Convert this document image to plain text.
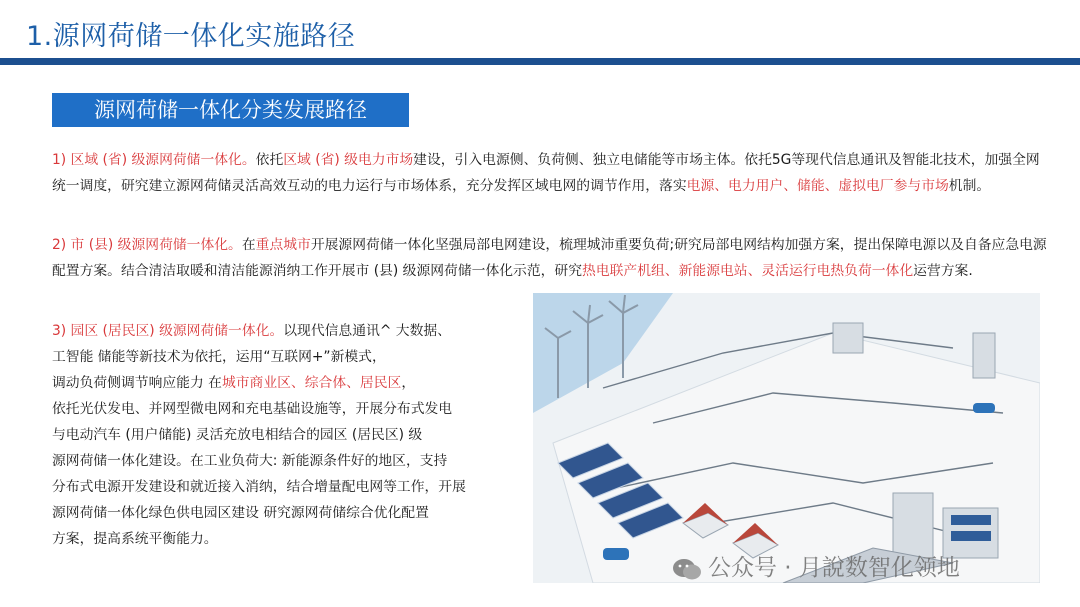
1.源网荷储一体化实施路径
源网荷储一体化分类发展路径
1) 区域 (省) 级源网荷储一体化。依托区域 (省) 级电力市场建设，引入电源侧、负荷侧、独立电储能等市场主体。依托5G等现代信息通讯及智能北技术，加强全网统一调度，研究建立源网荷储灵活高效互动的电力运行与市场体系，充分发挥区域电网的调节作用，落实电源、电力用户、储能、虚拟电厂参与市场机制。
2) 市 (县) 级源网荷储一体化。在重点城市开展源网荷储一体化坚强局部电网建设，梳理城沛重要负荷;研究局部电网结构加强方案，提出保障电源以及自备应急电源配置方案。结合清洁取暖和清洁能源消纳工作开展市 (县) 级源网荷储一体化示范，研究热电联产机组、新能源电站、灵活运行电热负荷一体化运营方案.
3) 园区 (居民区) 级源网荷储一体化。以现代信息通讯^ 大数据、
工智能 储能等新技术为依托，运用“互联网+”新模式，
调动负荷侧调节响应能力 在城市商业区、综合体、居民区，
依托光伏发电、并网型微电网和充电基础设施等，开展分布式发电
与电动汽车 (用户储能) 灵活充放电相结合的园区 (居民区) 级
源网荷储一体化建设。在工业负荷大: 新能源条件好的地区，支持
分布式电源开发建设和就近接入消纳，结合增量配电网等工作，开展
源网荷储一体化绿色供电园区建设 研究源网荷储综合优化配置
方案，提高系统平衡能力。
公众号 · 月說数智化领地
